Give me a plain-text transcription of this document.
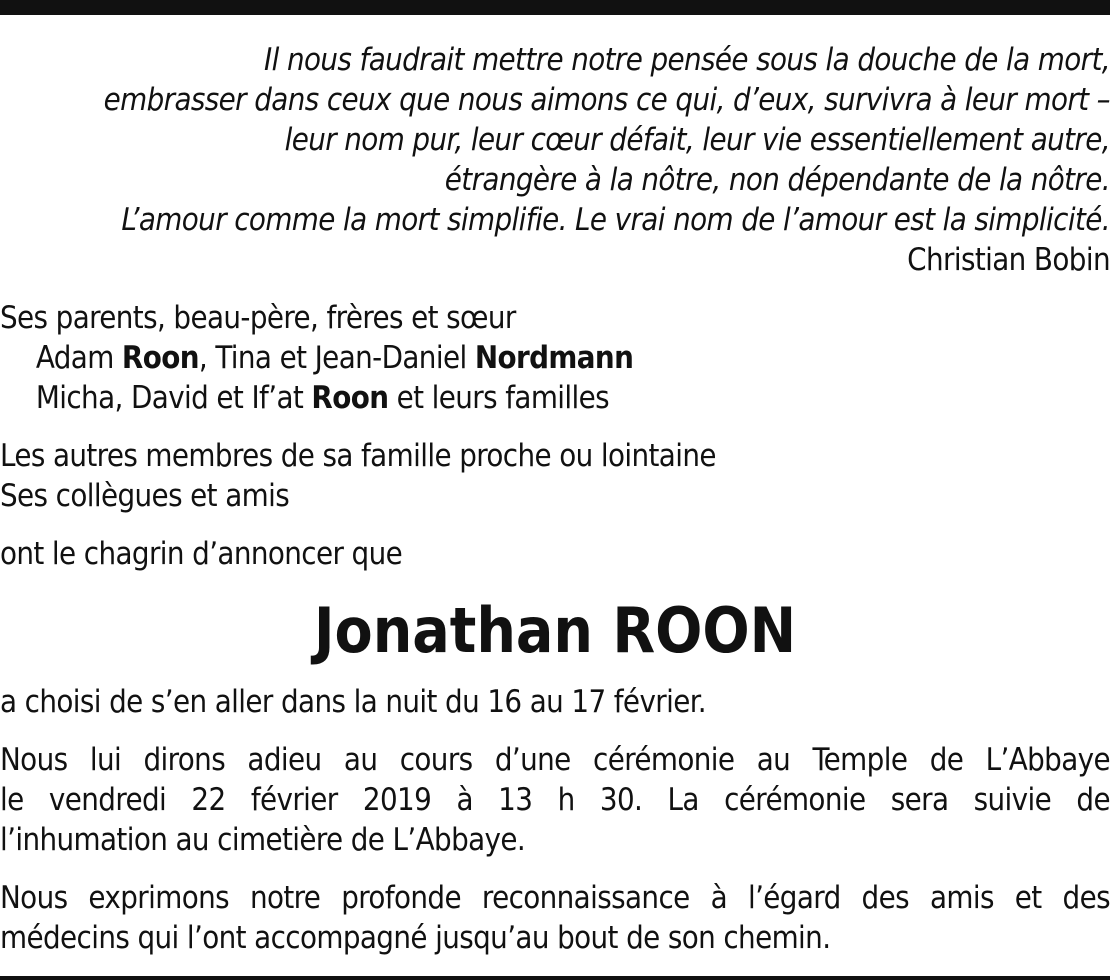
Il nous faudrait mettre notre pensée sous la douche de la mort,
embrasser dans ceux que nous aimons ce qui, d’eux, survivra à leur mort –
leur nom pur, leur cœur défait, leur vie essentiellement autre,
étrangère à la nôtre, non dépendante de la nôtre.
L’amour comme la mort simplifie. Le vrai nom de l’amour est la simplicité.
Christian Bobin
Ses parents, beau-père, frères et sœur
Adam Roon, Tina et Jean-Daniel Nordmann
Micha, David et If’at Roon et leurs familles
Les autres membres de sa famille proche ou lointaine
Ses collègues et amis

ont le chagrin d’annoncer que

Jonathan ROON

a choisi de s’en aller dans la nuit du 16 au 17 février.

Nous lui dirons adieu au cours d’une cérémonie au Temple de L’Abbaye
le vendredi 22 février 2019 à 13 h 30. La cérémonie sera suivie de
l’inhumation au cimetière de L’Abbaye.
Nous exprimons notre profonde reconnaissance à l’égard des amis et des
médecins qui l’ont accompagné jusqu’au bout de son chemin.
